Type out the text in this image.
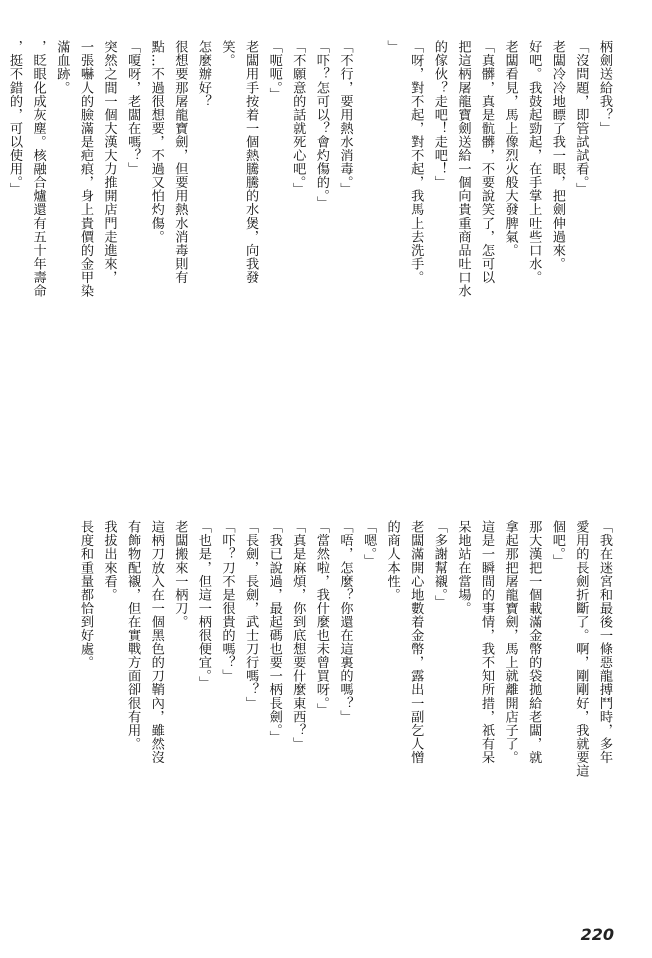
柄劍送給我？」
「沒問題，即管試試看。」
老闆冷冷地瞟了我一眼，把劍伸過來。
好吧。我鼓起勁起，在手掌上吐些口水。
老闆看見，馬上像烈火般大發脾氣。
「真髒，真是骯髒，不要說笑了，怎可以
把這柄屠龍寶劍送給一個向貴重商品吐口水
的傢伙？走吧！走吧！」
「呀，對不起，對不起，我馬上去洗手。
」

「不行，要用熱水消毒。」
「吓？怎可以？會灼傷的。」
「不願意的話就死心吧。」
「呃呃。」
老闆用手按着一個熱騰騰的水煲，向我發
笑。
怎麼辦好？
很想要那屠龍寶劍，但要用熱水消毒則有
點…不過很想要，不過又怕灼傷。
「嗄呀，老闆在嗎？」
突然之間一個大漢大力推開店門走進來，
一張嚇人的臉滿是疤痕，身上貴價的金甲染
滿血跡。
，眨眼化成灰塵。核融合爐還有五十年壽命
，挺不錯的，可以使用。」

220
「我在迷宮和最後一條惡龍搏鬥時，多年
愛用的長劍折斷了。啊，剛剛好，我就要這
個吧。」
那大漢把一個載滿金幣的袋拋給老闆，就
拿起那把屠龍寶劍，馬上就離開店子了。
這是一瞬間的事情，我不知所措，祇有呆
呆地站在當場。
「多謝幫襯。」
老闆滿開心地數着金幣，露出一副乞人憎
的商人本性。
「嗯。」
「唔，怎麼？你還在這裏的嗎？」
「當然啦，我什麼也未曾買呀。」
「真是麻煩，你到底想要什麼東西？」
「我已說過，最起碼也要一柄長劍。」
「長劍，長劍，武士刀行嗎？」
「吓？刀不是很貴的嗎？」
「也是，但這一柄很便宜。」
老闆搬來一柄刀。
這柄刀放入在一個黑色的刀鞘內，雖然沒
有飾物配襯，但在實戰方面卻很有用。
我拔出來看。
長度和重量都恰到好處。
